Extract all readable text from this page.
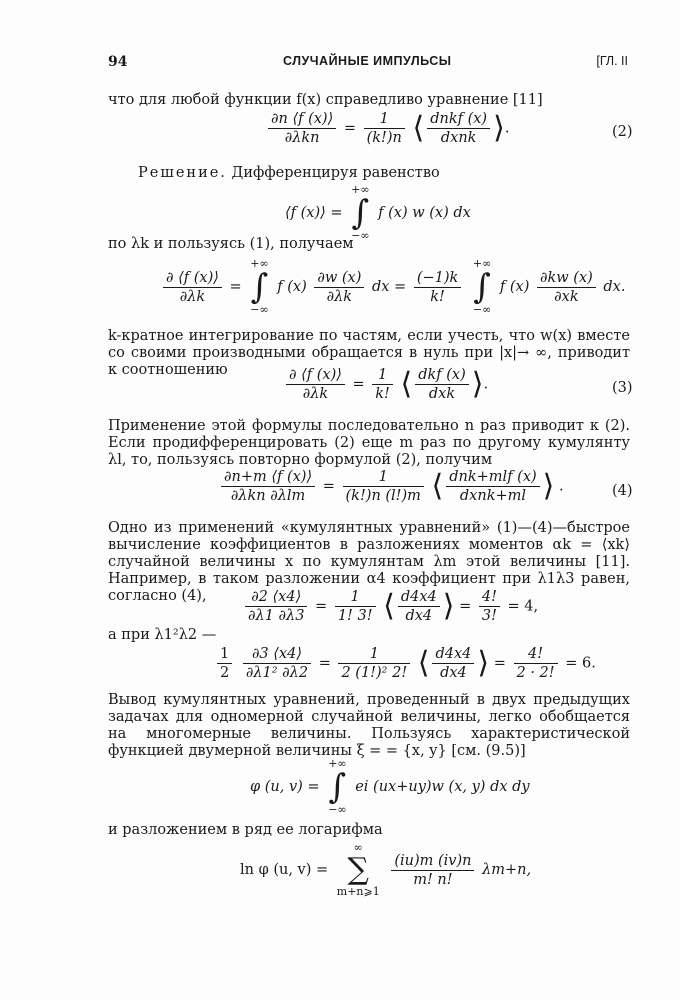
94	СЛУЧАЙНЫЕ ИМПУЛЬСЫ	[ГЛ. II
что для любой функции f(x) справедливо уравнение [11]
$\frac{\partial n ⟨f (x)⟩}{\text{∂λkn}} = \frac{1}{(k!)n}$ ⟨ $\frac{\text{dnkf (x)}}{\text{dxnk}}$ ⟩.	(2)
Решение. Дифференцируя равенство
⟨f (x)⟩ =
+∞
∫
−∞
f (x) w (x) dx
по λk и пользуясь (1), получаем
$\frac{\partial ⟨f (x)⟩}{\partial\lambda k}$ =
+∞
∫
−∞
f $(x) \frac{\partial w (x)}{\partial\lambda k}$ dx = $\frac{(-1)k}{k!}$

+∞
∫
−∞
f $(x) \frac{\partial kw (x)}{\partial xk}$ dx.
k-кратное интегрирование по частям, если учесть, что w(x) вместе со своими производными обращается в нуль при |x|→ ∞, приводит к соотношению	$\frac{\partial ⟨f (x)⟩}{\partial\lambda k} = \frac{1}{k!}$ ⟨ $\frac{\text{dkf (x)}}{\text{dxk}}$ ⟩.	(3)
Применение этой формулы последовательно n раз приводит к (2). Если продифференцировать (2) еще m раз по другому кумулянту λl, то, пользуясь повторно формулой (2), получим
$\frac{\partial n+m ⟨f (x)⟩}{\text{∂λkn ∂λlm}} = \frac{1}{(k!)n (l!)m}$ ⟨ $\frac{\text{dnk+mlf (x)}}{\text{dxnk+ml}}$ ⟩ .	(4)
Одно из применений «кумулянтных уравнений» (1)—(4)—быстрое вычисление коэффициентов в разложениях моментов αk = ⟨xk⟩ случайной величины x по кумулянтам λm этой величины [11]. Например, в таком разложении α4 коэффициент при λ1λ3 равен, согласно (4),	$\frac{\partial 2 ⟨x4⟩}{\partial\lambda 1 \partial\lambda 3} = \frac{1}{1! 3!}$ ⟨ $\frac{d4x4}{dx4}$ ⟩ = $\frac{4!}{3!} = 4$,
а при λ1²λ2 —
$\frac{1}{2}$
$\frac{\partial 3 ⟨x4⟩}{\text{∂λ1² ∂λ2}} = \frac{1}{\text{2 (1!)² 2!}}$ ⟨ $\frac{d4x4}{dx4}$ ⟩ = $\frac{4!}{2 \cdot 2!} = 6$.
Вывод кумулянтных уравнений, проведенный в двух предыдущих задачах для одномерной случайной величины, легко обобщается на многомерные величины. Пользуясь характеристической функцией двумерной величины ξ = = {x, y} [см. (9.5)]
φ (u, v) =
+∞
∫
−∞
ei (ux+uy)w (x, y) dx dy
и разложением в ряд ее логарифма
ln φ (u, v) =
∞
∑
m+n⩾1

$\frac{(iu)m (iv)n}{m! n!} \lambda m+n$,
